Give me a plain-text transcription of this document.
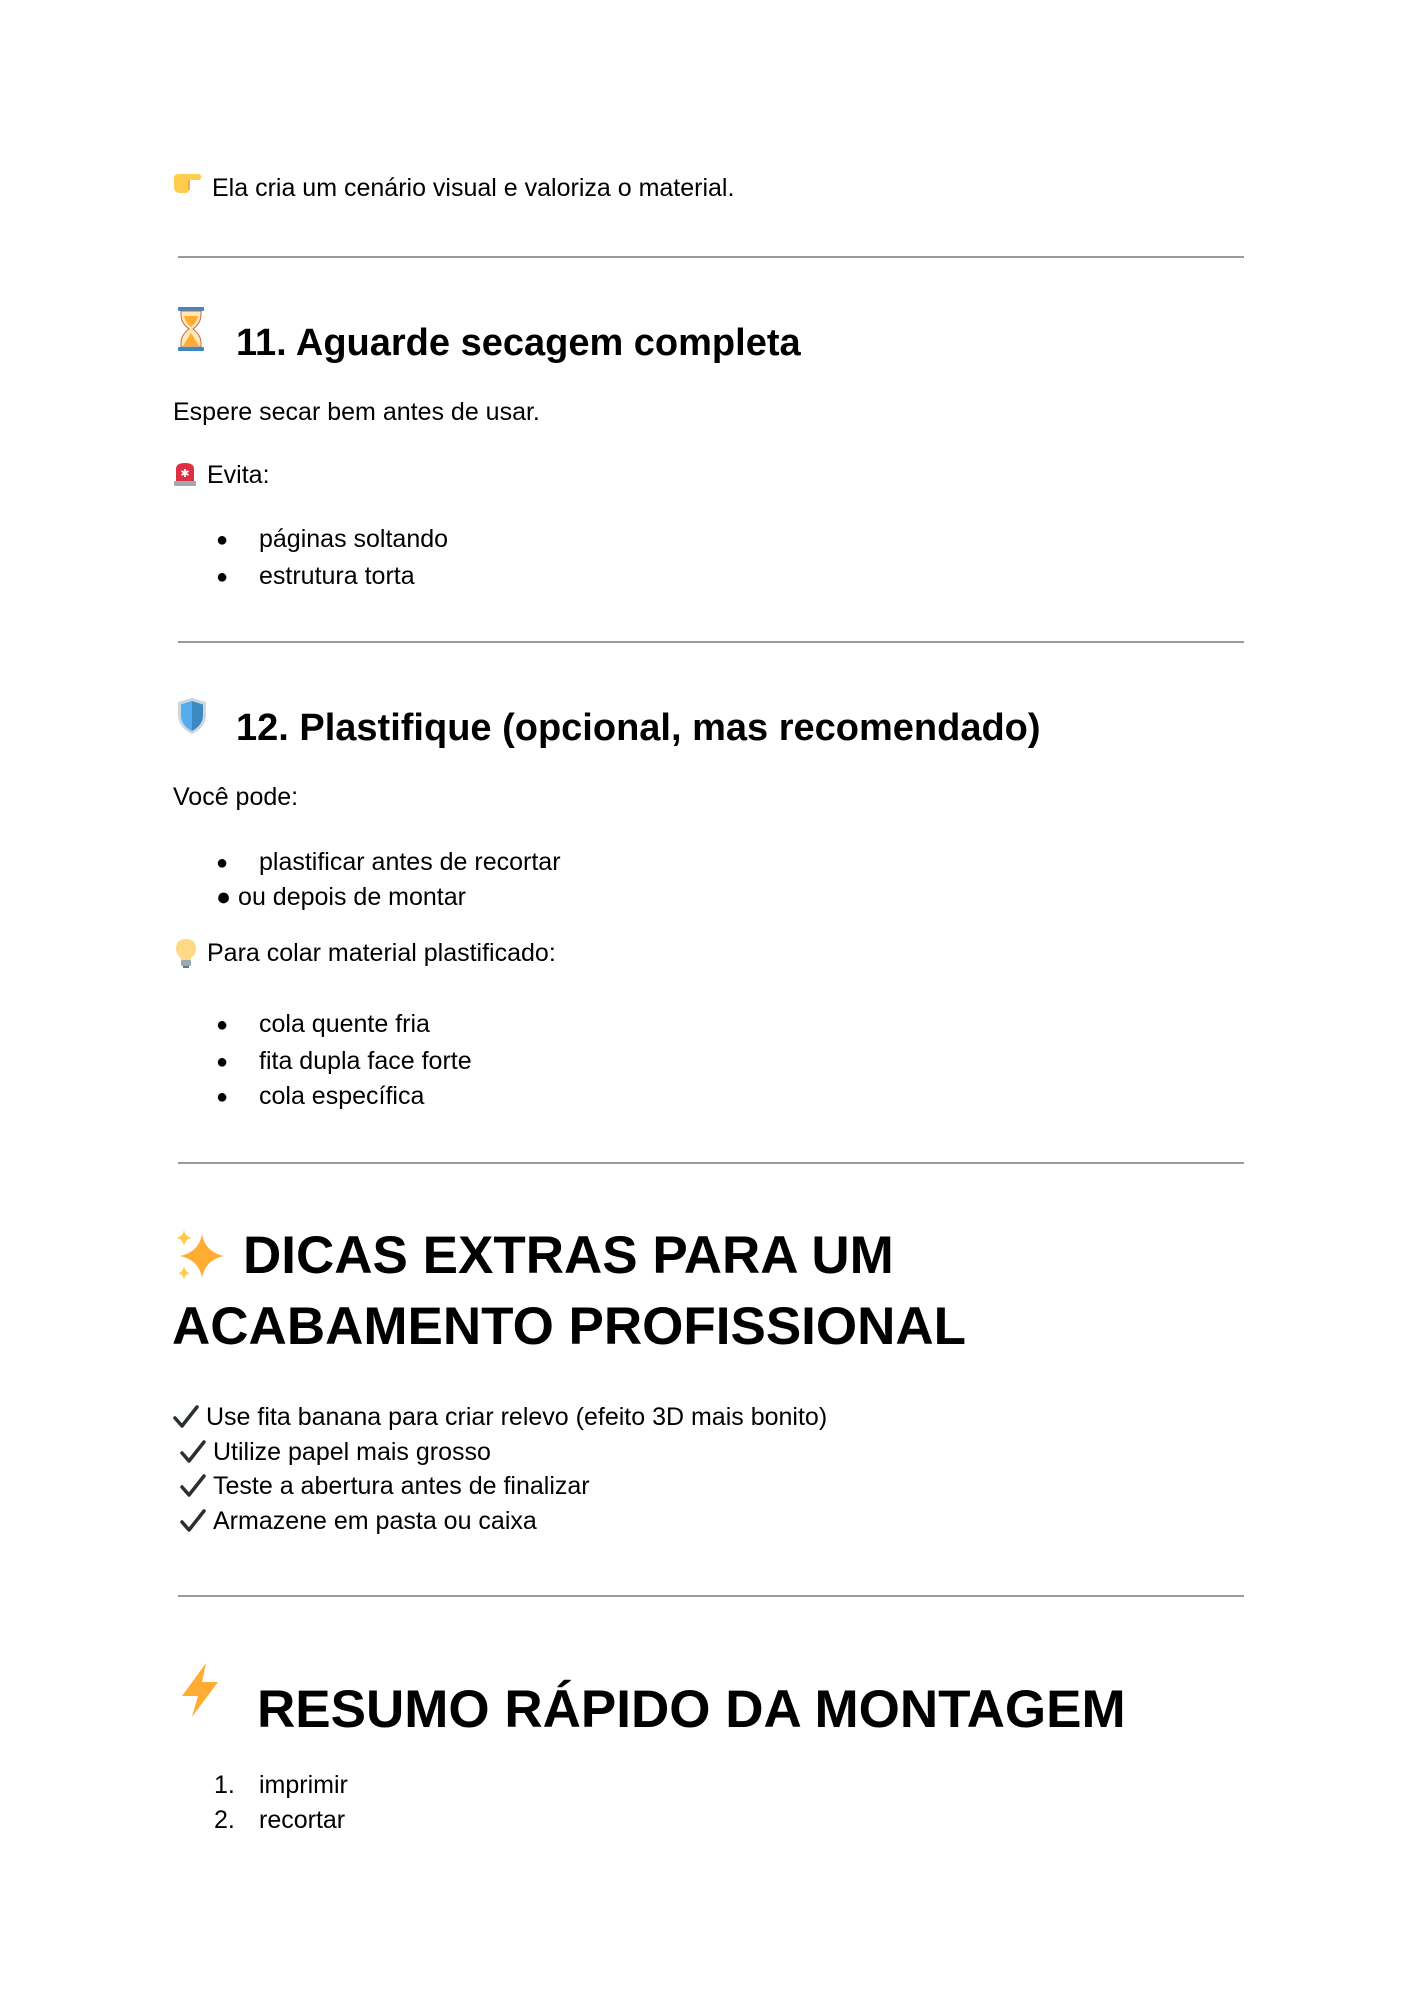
Ela cria um cenário visual e valoriza o material.
11. Aguarde secagem completa
Espere secar bem antes de usar.
✱ Evita:
● páginas soltando
● estrutura torta
12. Plastifique (opcional, mas recomendado)
Você pode:
● plastificar antes de recortar
● ou depois de montar
Para colar material plastificado:
● cola quente fria
● fita dupla face forte
● cola específica
DICAS EXTRAS PARA UM
ACABAMENTO PROFISSIONAL
Use fita banana para criar relevo (efeito 3D mais bonito)
Utilize papel mais grosso
Teste a abertura antes de finalizar
Armazene em pasta ou caixa
RESUMO RÁPIDO DA MONTAGEM
1. imprimir
2. recortar
